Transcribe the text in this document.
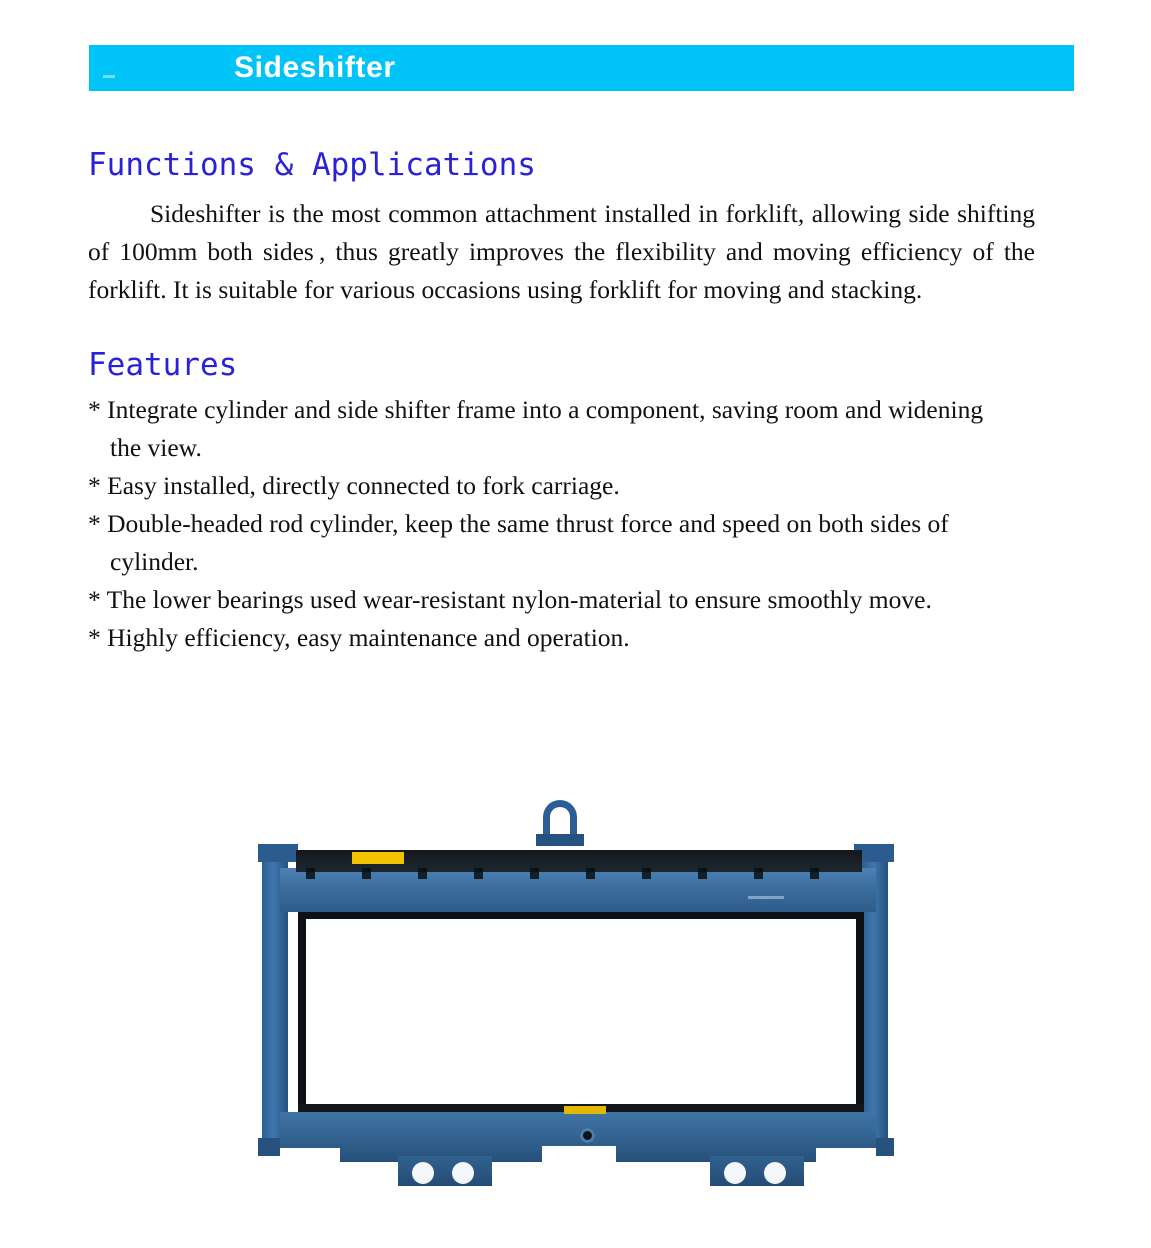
Sideshifter
Functions & Applications

Sideshifter is the most common attachment installed in forklift, allowing side shifting of 100mm both sides , thus greatly improves the flexibility and moving efficiency of the forklift. It is suitable for various occasions using forklift for moving and stacking.

Features
* Integrate cylinder and side shifter frame into a component, saving room and widening the view.
* Easy installed, directly connected to fork carriage.
* Double-headed rod cylinder, keep the same thrust force and speed on both sides of cylinder.
* The lower bearings used wear-resistant nylon-material to ensure smoothly move.
* Highly efficiency, easy maintenance and operation.
